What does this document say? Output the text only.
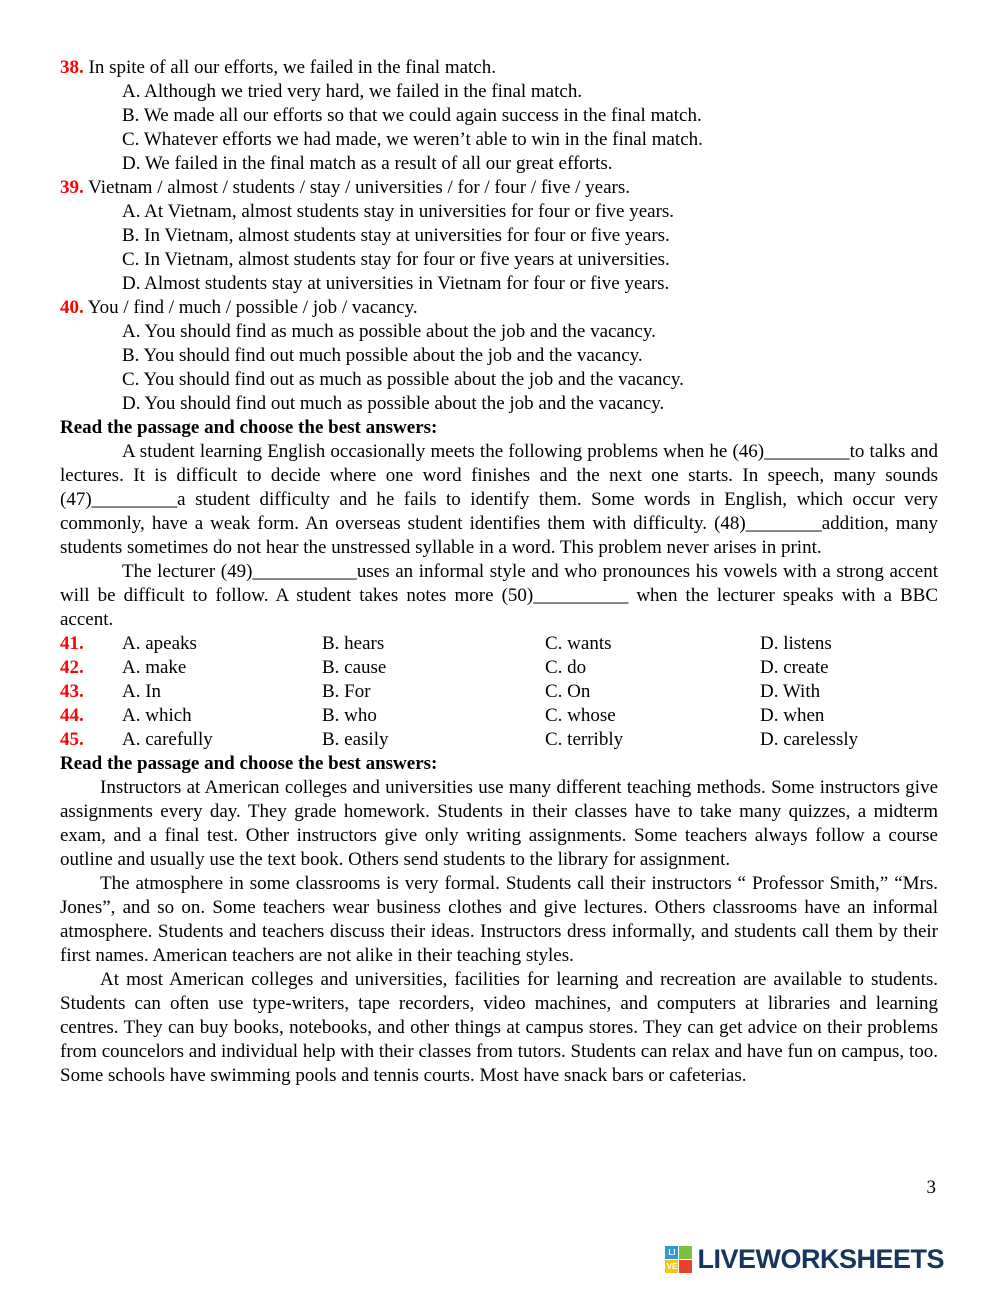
38. In spite of all our efforts, we failed in the final match.
A. Although we tried very hard, we failed in the final match.
B. We made all our efforts so that we could again success in the final match.
C. Whatever efforts we had made, we weren’t able to win in the final match.
D. We failed in the final match as a result of all our great efforts.
39. Vietnam / almost / students / stay / universities / for / four / five / years.
A. At Vietnam, almost students stay in universities for four or five years.
B. In Vietnam, almost students stay at universities for four or five years.
C. In Vietnam, almost students stay for four or five years at universities.
D. Almost students stay at universities in Vietnam for four or five years.
40. You / find / much / possible / job / vacancy.
A. You should find as much as possible about the job and the vacancy.
B. You should find out much possible about the job and the vacancy.
C. You should find out as much as possible about the job and the vacancy.
D. You should find out much as possible about the job and the vacancy.
Read the passage and choose the best answers:
A student learning English occasionally meets the following problems when he (46)_________to talks and lectures. It is difficult to decide where one word finishes and the next one starts. In speech, many sounds (47)_________a student difficulty and he fails to identify them. Some words in English, which occur very commonly, have a weak form. An overseas student identifies them with difficulty. (48)________addition, many students sometimes do not hear the unstressed syllable in a word. This problem never arises in print.
The lecturer (49)___________uses an informal style and who pronounces his vowels with a strong accent will be difficult to follow. A student takes notes more (50)__________ when the lecturer speaks with a BBC accent.
41.	A. apeaks	B. hears	C. wants	D. listens
42.	A. make	B. cause	C. do	D. create
43.	A. In	B. For	C. On	D. With
44.	A. which	B. who	C. whose	D. when
45.	A. carefully	B. easily	C. terribly	D. carelessly
Read the passage and choose the best answers:
Instructors at American colleges and universities use many different teaching methods. Some instructors give assignments every day. They grade homework. Students in their classes have to take many quizzes, a midterm exam, and a final test. Other instructors give only writing assignments. Some teachers always follow a course outline and usually use the text book. Others send students to the library for assignment.
The atmosphere in some classrooms is very formal. Students call their instructors “ Professor Smith,” “Mrs. Jones”, and so on. Some teachers wear business clothes and give lectures. Others classrooms have an informal atmosphere. Students and teachers discuss their ideas. Instructors dress informally, and students call them by their first names. American teachers are not alike in their teaching styles.
At most American colleges and universities, facilities for learning and recreation are available to students. Students can often use type-writers, tape recorders, video machines, and computers at libraries and learning centres. They can buy books, notebooks, and other things at campus stores. They can get advice on their problems from councelors and individual help with their classes from tutors. Students can relax and have fun on campus, too. Some schools have swimming pools and tennis courts. Most have snack bars or cafeterias.
3
LI
VE LIVEWORKSHEETS
